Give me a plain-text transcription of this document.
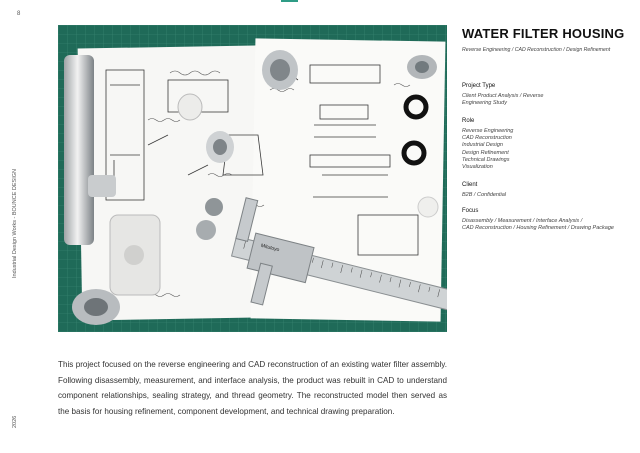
8
Industrial Design Works - BOUNCE DESIGN
2026
Mitutoyo
WATER FILTER HOUSING
Reverse Engineering / CAD Reconstruction / Design Refinement
Project Type
Client Product Analysis / Reverse
Engineering Study
Role
Reverse Engineering
CAD Reconstruction
Industrial Design
Design Refinement
Technical Drawings
Visualization
Client
B2B / Confidential
Focus
Disassembly / Measurement / Interface Analysis /
CAD Reconstruction / Housing Refinement / Drawing Package

This project focused on the reverse engineering and CAD reconstruction of an existing water filter assembly. Following disassembly, measurement, and interface analysis, the product was rebuilt in CAD to understand component relationships, sealing strategy, and thread geometry. The reconstructed model then served as the basis for housing refinement, component development, and technical drawing preparation.
